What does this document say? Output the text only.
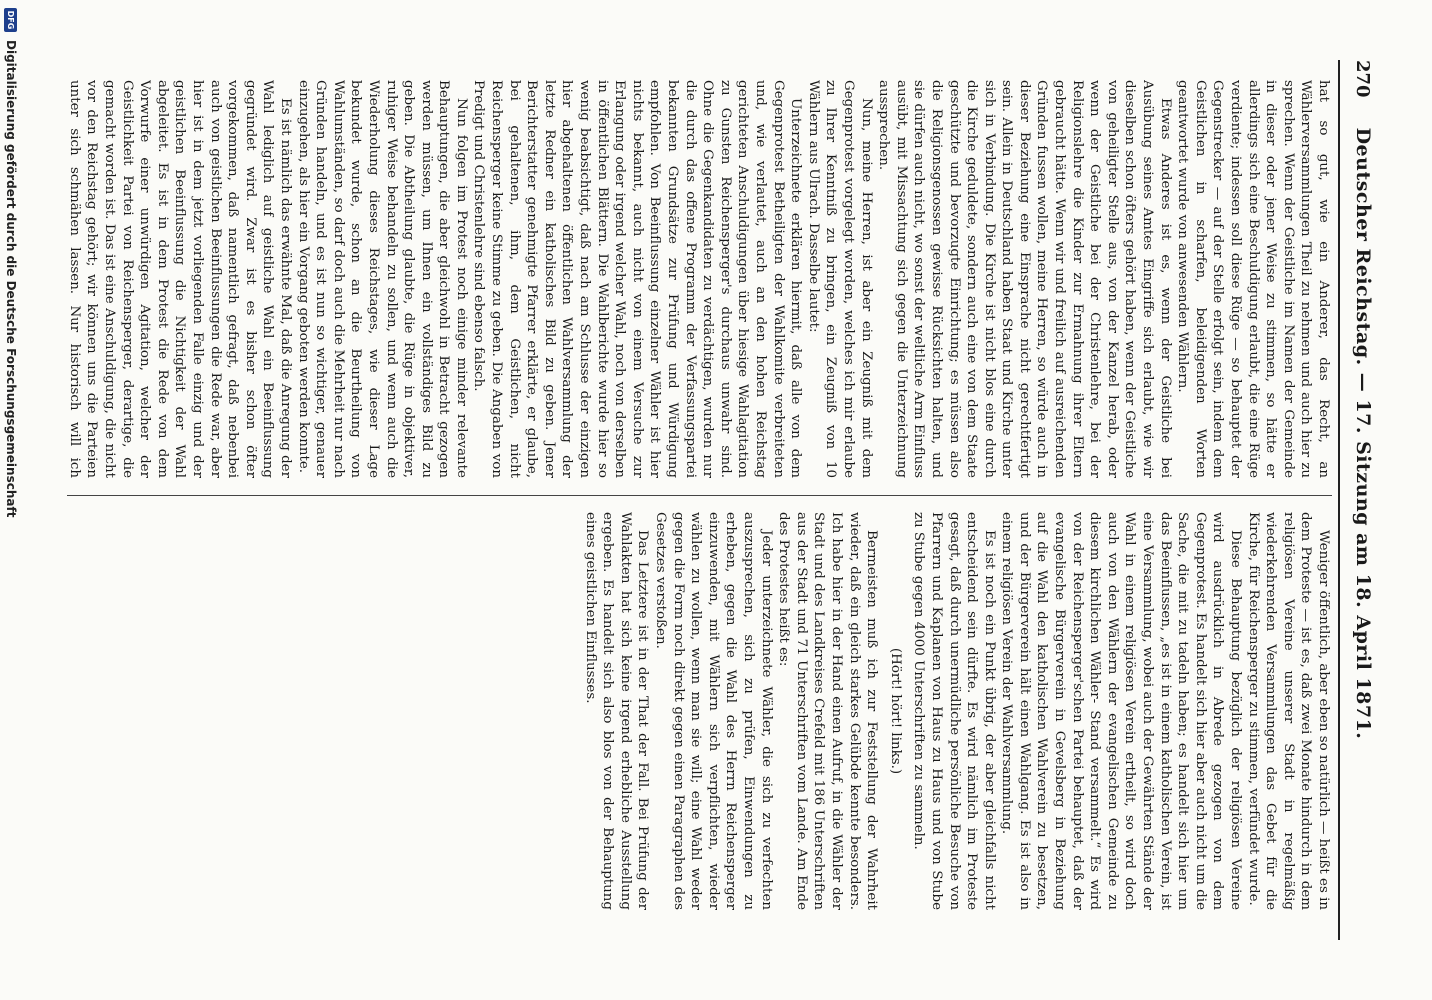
270
Deutscher Reichstag. — 17. Sitzung am 18. April 1871.

hat so gut, wie ein Anderer, das Recht, an Wählerversammlungen Theil zu nehmen und auch hier zu sprechen. Wenn der Geistliche im Namen der Gemeinde in dieser oder jener Weise zu stimmen, so hätte er allerdings sich eine Beschuldigung erlaubt, die eine Rüge verdiente; indessen soll diese Rüge — so behauptet der Gegenstrecker — auf der Stelle erfolgt sein, indem dem Geistlichen in scharfen, beleidigenden Worten geantwortet wurde von anwesenden Wählern.

Etwas Anderes ist es, wenn der Geistliche bei Ausübung seines Amtes Eingriffe sich erlaubt, wie wir dieselben schon öfters gehört haben, wenn der Geistliche von geheiligter Stelle aus, von der Kanzel herab, oder wenn der Geistliche bei der Christenlehre, bei der Religionslehre die Kinder zur Ermahnung ihrer Eltern gebraucht hätte. Wenn wir und freilich auf ausreichenden Gründen fussen wollen, meine Herren, so würde auch in dieser Beziehung eine Einsprache nicht gerechtfertigt sein. Allein in Deutschland haben Staat und Kirche unter sich in Verbindung. Die Kirche ist nicht blos eine durch die Kirche geduldete, sondern auch eine von dem Staate geschützte und bevorzugte Einrichtung; es müssen also die Religionsgenossen gewisse Rücksichten halten, und sie dürfen auch nicht, wo sonst der weltliche Arm Einfluss ausübt, mit Missachtung sich gegen die Unterzeichnung aussprechen.

Nun, meine Herren, ist aber ein Zeugniß mit dem Gegenprotest vorgelegt worden, welches ich mir erlaube zu Ihrer Kenntniß zu bringen, ein Zeugniß von 10 Wählern aus Ulrach. Dasselbe lautet:

Unterzeichnete erklären hiermit, daß alle von dem Gegenprotest Betheiligten der Wahlkomite verbreiteten und, wie verlautet, auch an den hohen Reichstag gerichteten Anschuldigungen über hiesige Wahlagitation zu Gunsten Reichensperger's durchaus unwahr sind. Ohne die Gegenkandidaten zu verdächtigen, wurden nur die durch das offene Programm der Verfassungspartei bekannten Grundsätze zur Prüfung und Würdigung empfohlen. Von Beeinflussung einzelner Wähler ist hier nichts bekannt, auch nicht von einem Versuche zur Erlangung oder irgend welcher Wahl, noch von derselben in öffentlichen Blättern. Die Wahlberichte wurde hier so wenig beabsichtigt, daß nach am Schlusse der einzigen hier abgehaltenen öffentlichen Wahlversammlung der letzte Redner ein katholisches Bild zu geben. Jener Berichterstatter genehmigte Pfarrer erklärte, er glaube, bei gehaltenen, ihm, dem Geistlichen, nicht Reichensperger keine Stimme zu geben. Die Angaben von Predigt und Christenlehre sind ebenso falsch.

Nun folgen im Protest noch einige minder relevante Behauptungen, die aber gleichwohl in Betracht gezogen werden müssen, um Ihnen ein vollständiges Bild zu geben. Die Abtheilung glaubte, die Rüge in objektiver, ruhiger Weise behandeln zu sollen, und wenn auch die Wiederholung dieses Reichstages, wie dieser Lage bekundet wurde, schon an die Beurtheilung von Wahlumständen, so darf doch auch die Mehrheit nur nach Gründen handeln, und es ist nun so wichtiger, genauer einzugehen, als hier ein Vorgang geboten werden konnte.

Es ist nämlich das erwähnte Mal, daß die Anregung der Wahl lediglich auf geistliche Wahl ein Beeinflussung gegründet wird. Zwar ist es bisher schon öfter vorgekommen, daß namentlich gefragt, daß nebenbei auch von geistlichen Beeinflussungen die Rede war, aber hier ist in dem jetzt vorliegenden Falle einzig und der geistlichen Beeinflussung die Nichtigkeit der Wahl abgeleitet. Es ist in dem Protest die Rede von dem Vorwurfe einer unwürdigen Agitation, welcher der Geistlichkeit Partei von Reichensperger, derartige, die gemacht worden ist. Das ist eine Anschuldigung, die nicht vor den Reichstag gehört; wir können uns die Parteien unter sich schmähen lassen. Nur historisch will ich

Weniger öffentlich, aber eben so natürlich — heißt es in dem Proteste — ist es, daß zwei Monate hindurch in dem religiösen Vereine unserer Stadt in regelmäßig wiederkehrenden Versammlungen das Gebet für die Kirche, für Reichensperger zu stimmen, verfündet wurde.

Diese Behauptung bezüglich der religiösen Vereine wird ausdrücklich in Abrede gezogen von dem Gegenprotest. Es handelt sich hier aber auch nicht um die Sache, die mit zu tadeln haben; es handelt sich hier um das Beeinflussen, „es ist in einem katholischen Verein, ist eine Versammlung, wobei auch der Gewährten Stände der Wahl in einem religiösen Verein ertheilt, so wird doch auch von den Wählern der evangelischen Gemeinde zu diesem kirchlichen Wähler- Stand versammelt.“ Es wird von der Reichensperger'schen Partei behauptet, daß der evangelische Bürgerverein in Gevelsberg in Beziehung auf die Wahl den katholischen Wahlverein zu besetzen, und der Bürgerverein hält einen Wahlgang. Es ist also in einem religiösen Verein der Wahlversammlung.

Es ist noch ein Punkt übrig, der aber gleichfalls nicht entscheidend sein dürfte. Es wird nämlich im Proteste gesagt, daß durch unermüdliche persönliche Besuche von Pfarrern und Kaplanen von Haus zu Haus und von Stube zu Stube gegen 4000 Unterschriften zu sammeln.

(Hört! hört! links.)

Bermeisten muß ich zur Feststellung der Wahrheit wieder, daß ein gleich starkes Gelübde kennte besonders. Ich habe hier in der Hand einen Aufruf, in die Wähler der Stadt und des Landkreises Crefeld mit 186 Unterschriften aus der Stadt und 71 Unterschriften vom Lande. Am Ende des Protestes heißt es:

Jeder unterzeichnete Wähler, die sich zu verfechten auszusprechen, sich zu prüfen, Einwendungen zu erheben, gegen die Wahl des Herrn Reichensperger einzuwenden, mit Wählern sich verpflichten, wieder wählen zu wollen, wenn man sie will; eine Wahl weder gegen die Form noch direkt gegen einen Paragraphen des Gesetzes verstoßen.

Das Letztere ist in der That der Fall. Bei Prüfung der Wahlakten hat sich keine irgend erhebliche Ausstellung ergeben. Es handelt sich also blos von der Behauptung eines geistlichen Einflusses.

DFG
Digitalisierung gefördert durch die Deutsche Forschungsgemeinschaft
